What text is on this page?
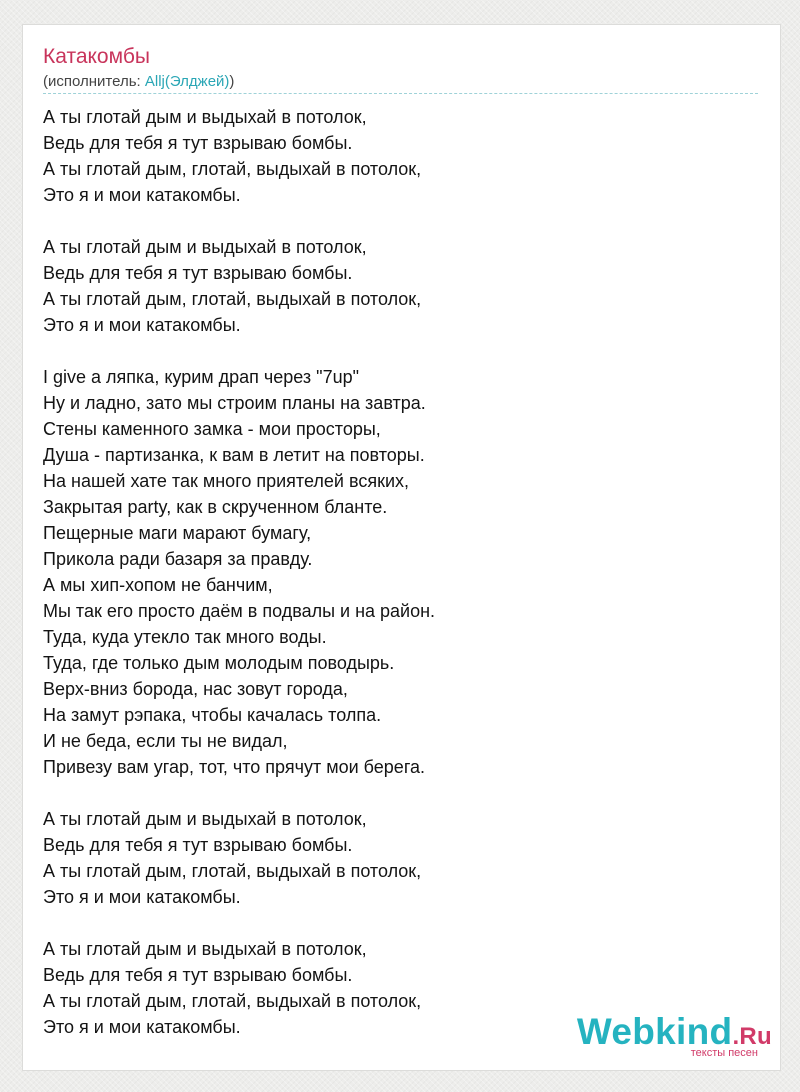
Катакомбы
(исполнитель: Allj(Элджей))
А ты глотай дым и выдыхай в потолок,
Ведь для тебя я тут взрываю бомбы.
А ты глотай дым, глотай, выдыхай в потолок,
Это я и мои катакомбы.
А ты глотай дым и выдыхай в потолок,
Ведь для тебя я тут взрываю бомбы.
А ты глотай дым, глотай, выдыхай в потолок,
Это я и мои катакомбы.
I give а ляпка, курим драп через "7up"
Ну и ладно, зато мы строим планы на завтра.
Стены каменного замка - мои просторы,
Душа - партизанка, к вам в летит на повторы.
На нашей хате так много приятелей всяких,
Закрытая party, как в скрученном бланте.
Пещерные маги марают бумагу,
Прикола ради базаря за правду.
А мы хип-хопом не банчим,
Мы так его просто даём в подвалы и на район.
Туда, куда утекло так много воды.
Туда, где только дым молодым поводырь.
Верх-вниз борода, нас зовут города,
На замут рэпака, чтобы качалась толпа.
И не беда, если ты не видал,
Привезу вам угар, тот, что прячут мои берега.
А ты глотай дым и выдыхай в потолок,
Ведь для тебя я тут взрываю бомбы.
А ты глотай дым, глотай, выдыхай в потолок,
Это я и мои катакомбы.
А ты глотай дым и выдыхай в потолок,
Ведь для тебя я тут взрываю бомбы.
А ты глотай дым, глотай, выдыхай в потолок,
Это я и мои катакомбы.	Webkind.Ru
тексты песен
